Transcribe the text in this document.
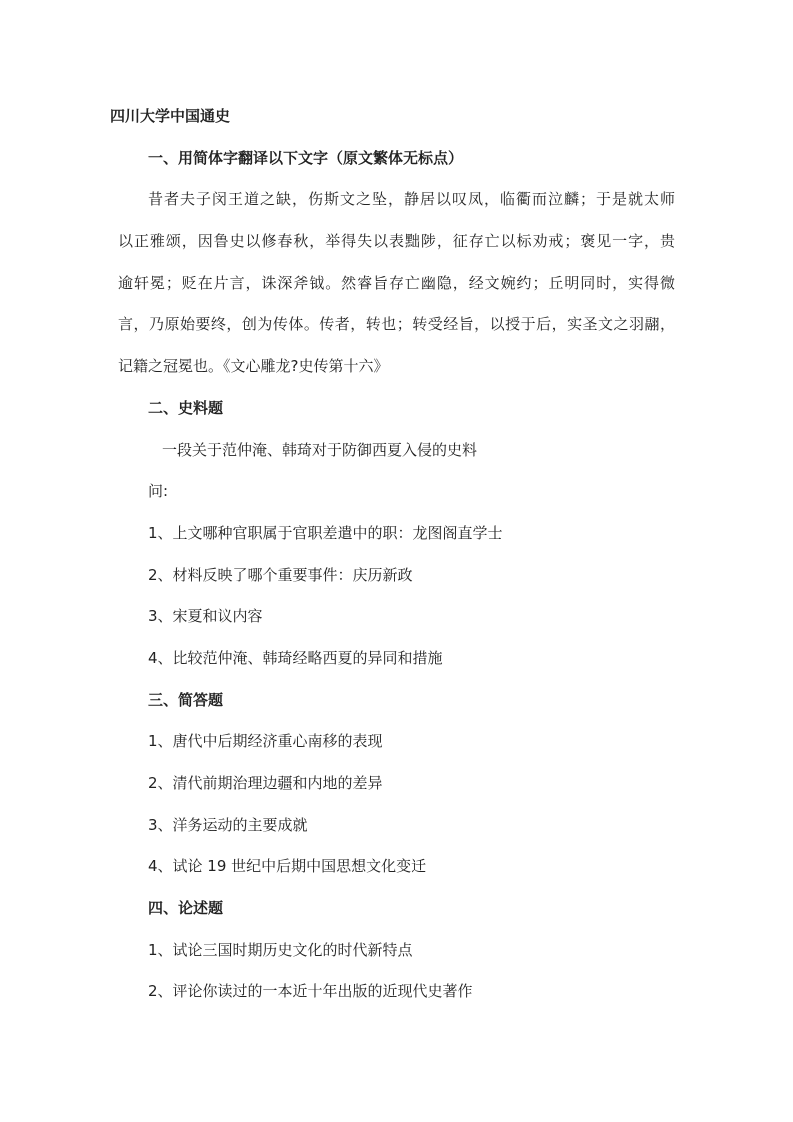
四川大学中国通史
一、用简体字翻译以下文字（原文繁体无标点）
昔者夫子闵王道之缺，伤斯文之坠，静居以叹凤，临衢而泣麟；于是就太师
以正雅颂，因鲁史以修春秋，举得失以表黜陟，征存亡以标劝戒；褒见一字，贵
逾轩冕；贬在片言，诛深斧钺。然睿旨存亡幽隐，经文婉约；丘明同时，实得微
言，乃原始要终，创为传体。传者，转也；转受经旨，以授于后，实圣文之羽翮，
记籍之冠冕也。《文心雕龙?史传第十六》
二、史料题
一段关于范仲淹、韩琦对于防御西夏入侵的史料
问:
1、上文哪种官职属于官职差遣中的职：龙图阁直学士
2、材料反映了哪个重要事件：庆历新政
3、宋夏和议内容
4、比较范仲淹、韩琦经略西夏的异同和措施
三、简答题
1、唐代中后期经济重心南移的表现
2、清代前期治理边疆和内地的差异
3、洋务运动的主要成就
4、试论 19 世纪中后期中国思想文化变迁
四、论述题
1、试论三国时期历史文化的时代新特点
2、评论你读过的一本近十年出版的近现代史著作
